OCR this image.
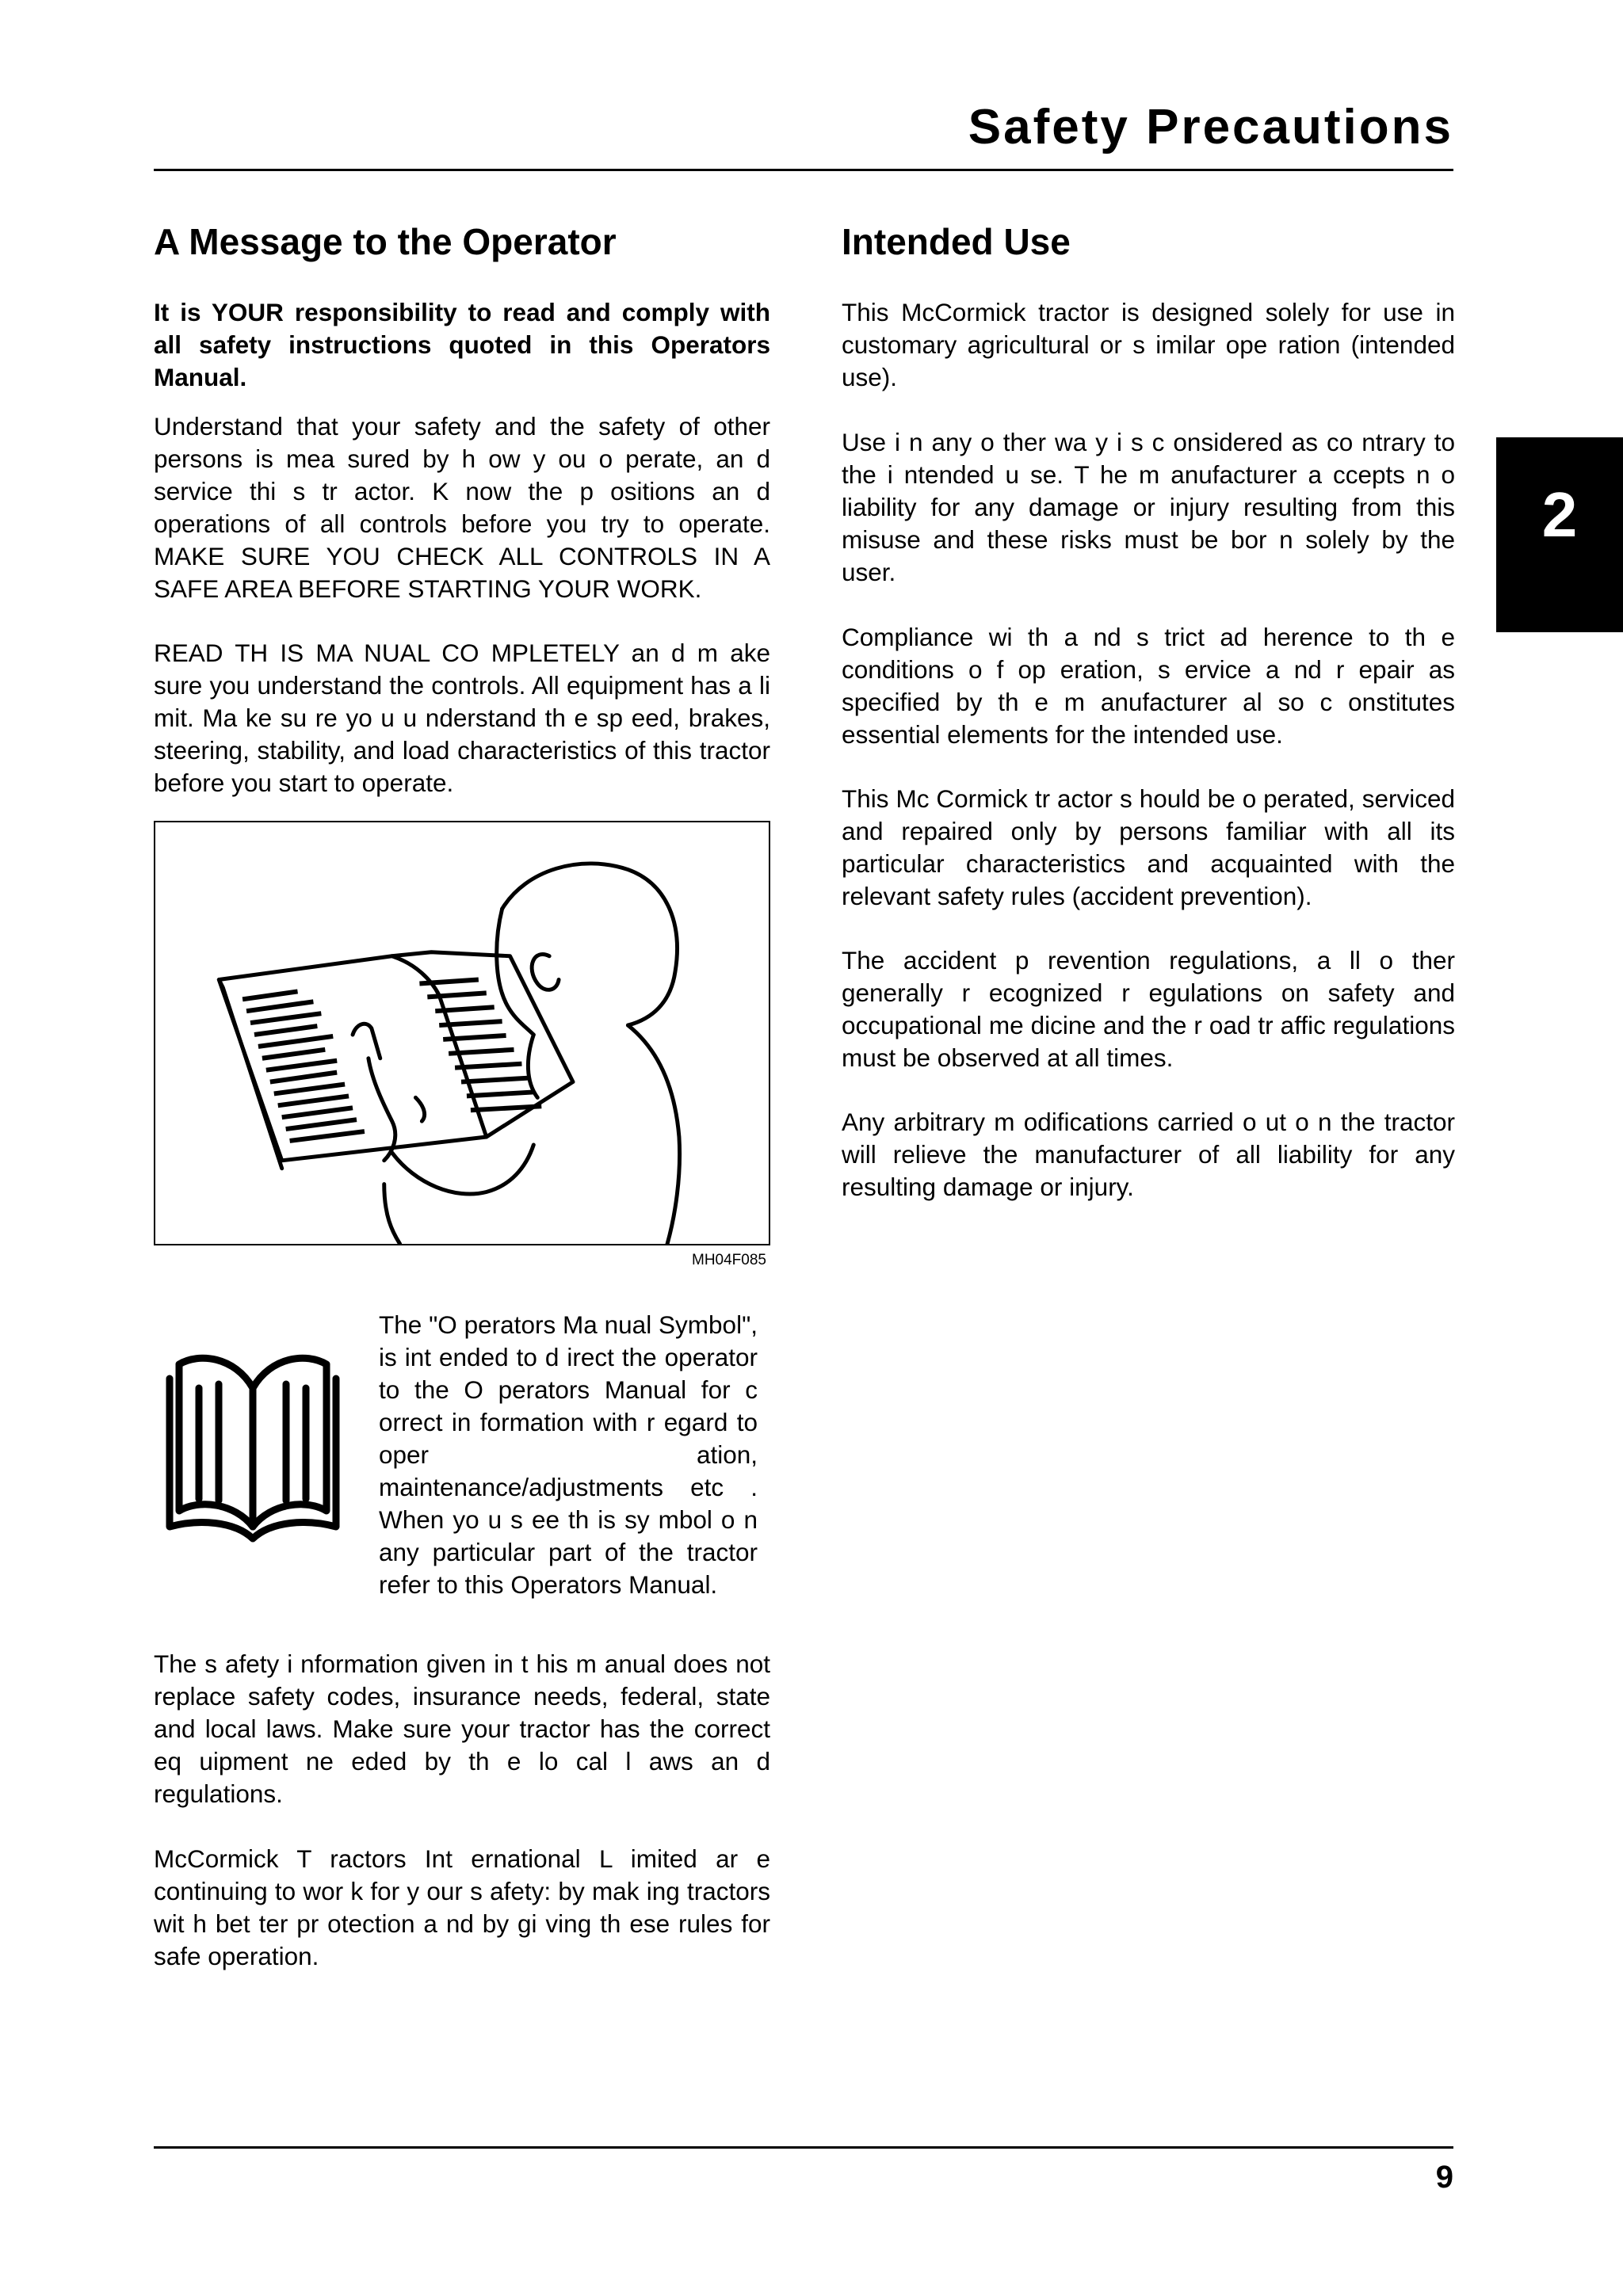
Safety Precautions
2
A Message to the Operator

It is YOUR responsibility to read and comply with all safety instructions quoted in this Operators Manual.

Understand that your safety and the safety of other persons is mea sured by h ow y ou o perate, an d service thi s tr actor. K now the p ositions an d operations of all controls before you try to operate. MAKE SURE YOU CHECK ALL CONTROLS IN A SAFE AREA BEFORE STARTING YOUR WORK.

READ TH IS MA NUAL CO MPLETELY an d m ake sure you understand the controls. All equipment has a li mit. Ma ke su re yo u u nderstand th e sp eed, brakes, steering, stability, and load characteristics of this tractor before you start to operate.

MH04F085

The "O perators Ma nual Symbol", is int ended to d irect the operator to the O perators Manual for c orrect in formation with r egard to oper ation, maintenance/adjustments etc . When yo u s ee th is sy mbol o n any particular part of the tractor refer to this Operators Manual.

The s afety i nformation given in t his m anual does not replace safety codes, insurance needs, federal, state and local laws. Make sure your tractor has the correct eq uipment ne eded by th e lo cal l aws an d regulations.

McCormick T ractors Int ernational L imited ar e continuing to wor k for y our s afety: by mak ing tractors wit h bet ter pr otection a nd by gi ving th ese rules for safe operation.

Intended Use

This McCormick tractor is designed solely for use in customary agricultural or s imilar ope ration (intended use).

Use i n any o ther wa y i s c onsidered as co ntrary to the i ntended u se. T he m anufacturer a ccepts n o liability for any damage or injury resulting from this misuse and these risks must be bor n solely by the user.

Compliance wi th a nd s trict ad herence to th e conditions o f op eration, s ervice a nd r epair as specified by th e m anufacturer al so c onstitutes essential elements for the intended use.

This Mc Cormick tr actor s hould be o perated, serviced and repaired only by persons familiar with all its particular characteristics and acquainted with the relevant safety rules (accident prevention).

The accident p revention regulations, a ll o ther generally r ecognized r egulations on safety and occupational me dicine and the r oad tr affic regulations must be observed at all times.

Any arbitrary m odifications carried o ut o n the tractor will relieve the manufacturer of all liability for any resulting damage or injury.

9
